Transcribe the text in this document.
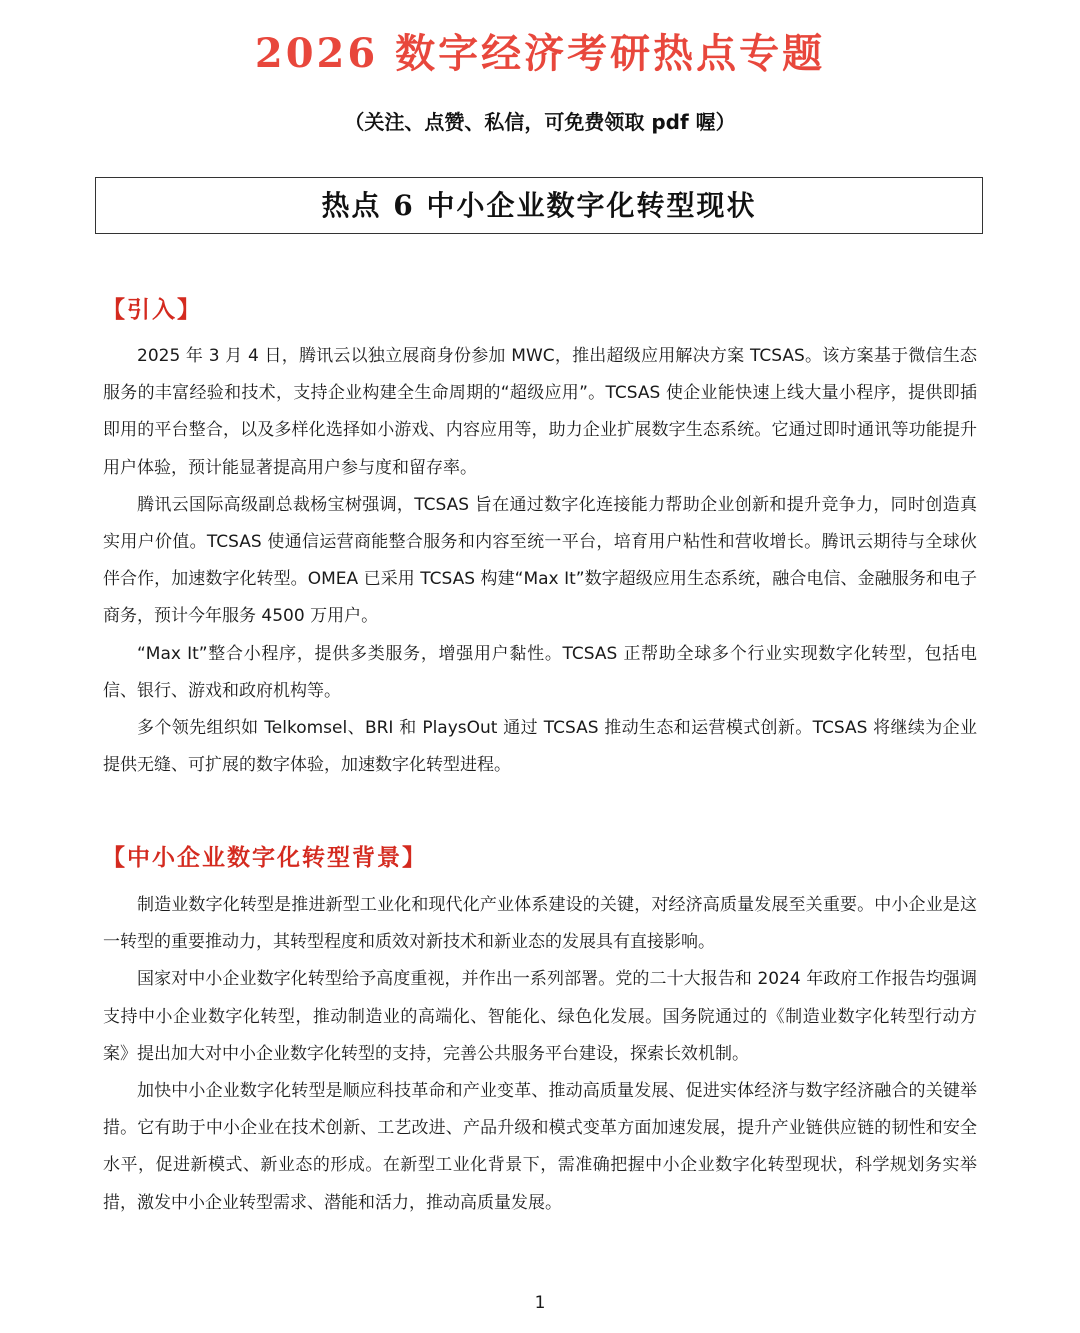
2026 数字经济考研热点专题
（关注、点赞、私信，可免费领取 pdf 喔）
热点 6 中小企业数字化转型现状
【引入】

2025 年 3 月 4 日，腾讯云以独立展商身份参加 MWC，推出超级应用解决方案 TCSAS。该方案基于微信生态服务的丰富经验和技术，支持企业构建全生命周期的“超级应用”。TCSAS 使企业能快速上线大量小程序，提供即插即用的平台整合，以及多样化选择如小游戏、内容应用等，助力企业扩展数字生态系统。它通过即时通讯等功能提升用户体验，预计能显著提高用户参与度和留存率。

腾讯云国际高级副总裁杨宝树强调，TCSAS 旨在通过数字化连接能力帮助企业创新和提升竞争力，同时创造真实用户价值。TCSAS 使通信运营商能整合服务和内容至统一平台，培育用户粘性和营收增长。腾讯云期待与全球伙伴合作，加速数字化转型。OMEA 已采用 TCSAS 构建“Max It”数字超级应用生态系统，融合电信、金融服务和电子商务，预计今年服务 4500 万用户。

“Max It”整合小程序，提供多类服务，增强用户黏性。TCSAS 正帮助全球多个行业实现数字化转型，包括电信、银行、游戏和政府机构等。

多个领先组织如 Telkomsel、BRI 和 PlaysOut 通过 TCSAS 推动生态和运营模式创新。TCSAS 将继续为企业提供无缝、可扩展的数字体验，加速数字化转型进程。

【中小企业数字化转型背景】

制造业数字化转型是推进新型工业化和现代化产业体系建设的关键，对经济高质量发展至关重要。中小企业是这一转型的重要推动力，其转型程度和质效对新技术和新业态的发展具有直接影响。

国家对中小企业数字化转型给予高度重视，并作出一系列部署。党的二十大报告和 2024 年政府工作报告均强调支持中小企业数字化转型，推动制造业的高端化、智能化、绿色化发展。国务院通过的《制造业数字化转型行动方案》提出加大对中小企业数字化转型的支持，完善公共服务平台建设，探索长效机制。

加快中小企业数字化转型是顺应科技革命和产业变革、推动高质量发展、促进实体经济与数字经济融合的关键举措。它有助于中小企业在技术创新、工艺改进、产品升级和模式变革方面加速发展，提升产业链供应链的韧性和安全水平，促进新模式、新业态的形成。在新型工业化背景下，需准确把握中小企业数字化转型现状，科学规划务实举措，激发中小企业转型需求、潜能和活力，推动高质量发展。

1
